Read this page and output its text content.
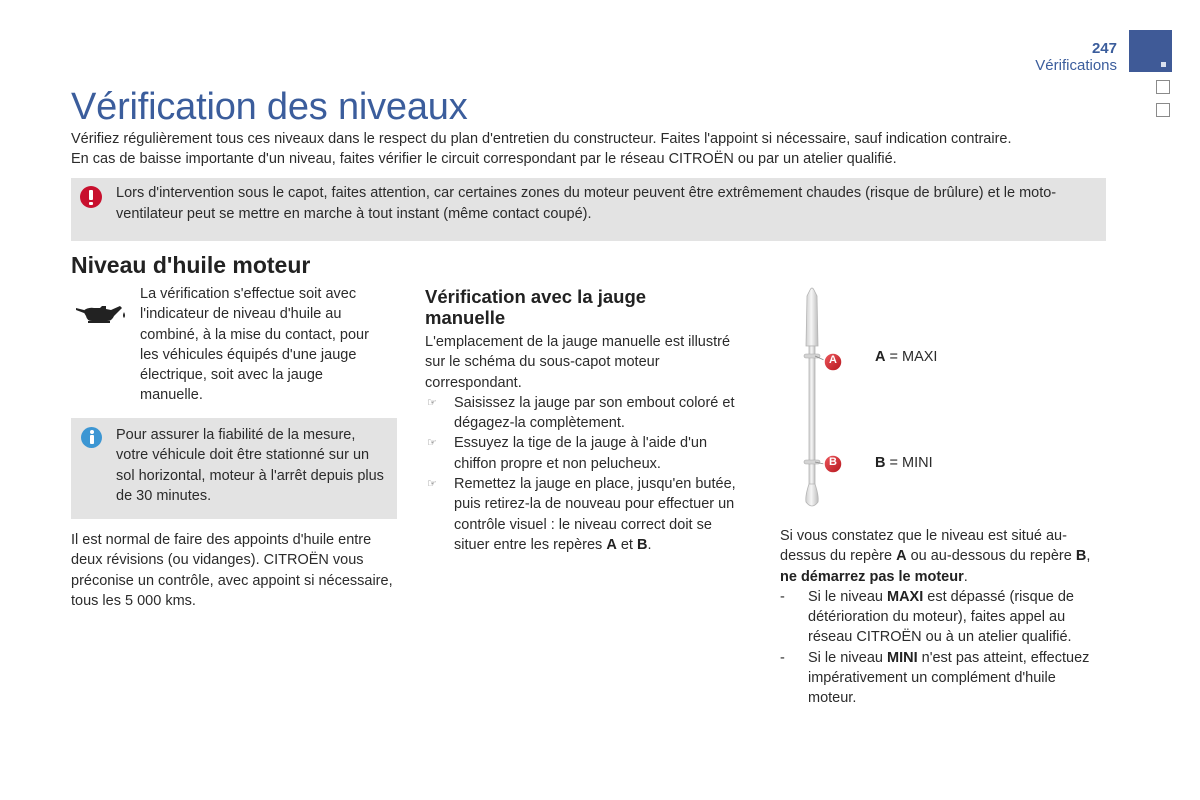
247
Vérifications
Vérification des niveaux
Vérifiez régulièrement tous ces niveaux dans le respect du plan d'entretien du constructeur. Faites l'appoint si nécessaire, sauf indication contraire.
En cas de baisse importante d'un niveau, faites vérifier le circuit correspondant par le réseau CITROËN ou par un atelier qualifié.
Lors d'intervention sous le capot, faites attention, car certaines zones du moteur peuvent être extrêmement chaudes (risque de brûlure) et le moto-ventilateur peut se mettre en marche à tout instant (même contact coupé).
Niveau d'huile moteur
La vérification s'effectue soit avec l'indicateur de niveau d'huile au combiné, à la mise du contact, pour les véhicules équipés d'une jauge électrique, soit avec la jauge manuelle.
Pour assurer la fiabilité de la mesure, votre véhicule doit être stationné sur un sol horizontal, moteur à l'arrêt depuis plus de 30 minutes.
Il est normal de faire des appoints d'huile entre deux révisions (ou vidanges). CITROËN vous préconise un contrôle, avec appoint si nécessaire, tous les 5 000 kms.
Vérification avec la jauge manuelle
L'emplacement de la jauge manuelle est illustré sur le schéma du sous-capot moteur correspondant.
☞ Saisissez la jauge par son embout coloré et dégagez-la complètement.
☞ Essuyez la tige de la jauge à l'aide d'un chiffon propre et non pelucheux.
☞ Remettez la jauge en place, jusqu'en butée, puis retirez-la de nouveau pour effectuer un contrôle visuel : le niveau correct doit se situer entre les repères A et B.
A
B
A = MAXI
B = MINI
Si vous constatez que le niveau est situé au-dessus du repère A ou au-dessous du repère B, ne démarrez pas le moteur.
- Si le niveau MAXI est dépassé (risque de détérioration du moteur), faites appel au réseau CITROËN ou à un atelier qualifié.
- Si le niveau MINI n'est pas atteint, effectuez impérativement un complément d'huile moteur.
